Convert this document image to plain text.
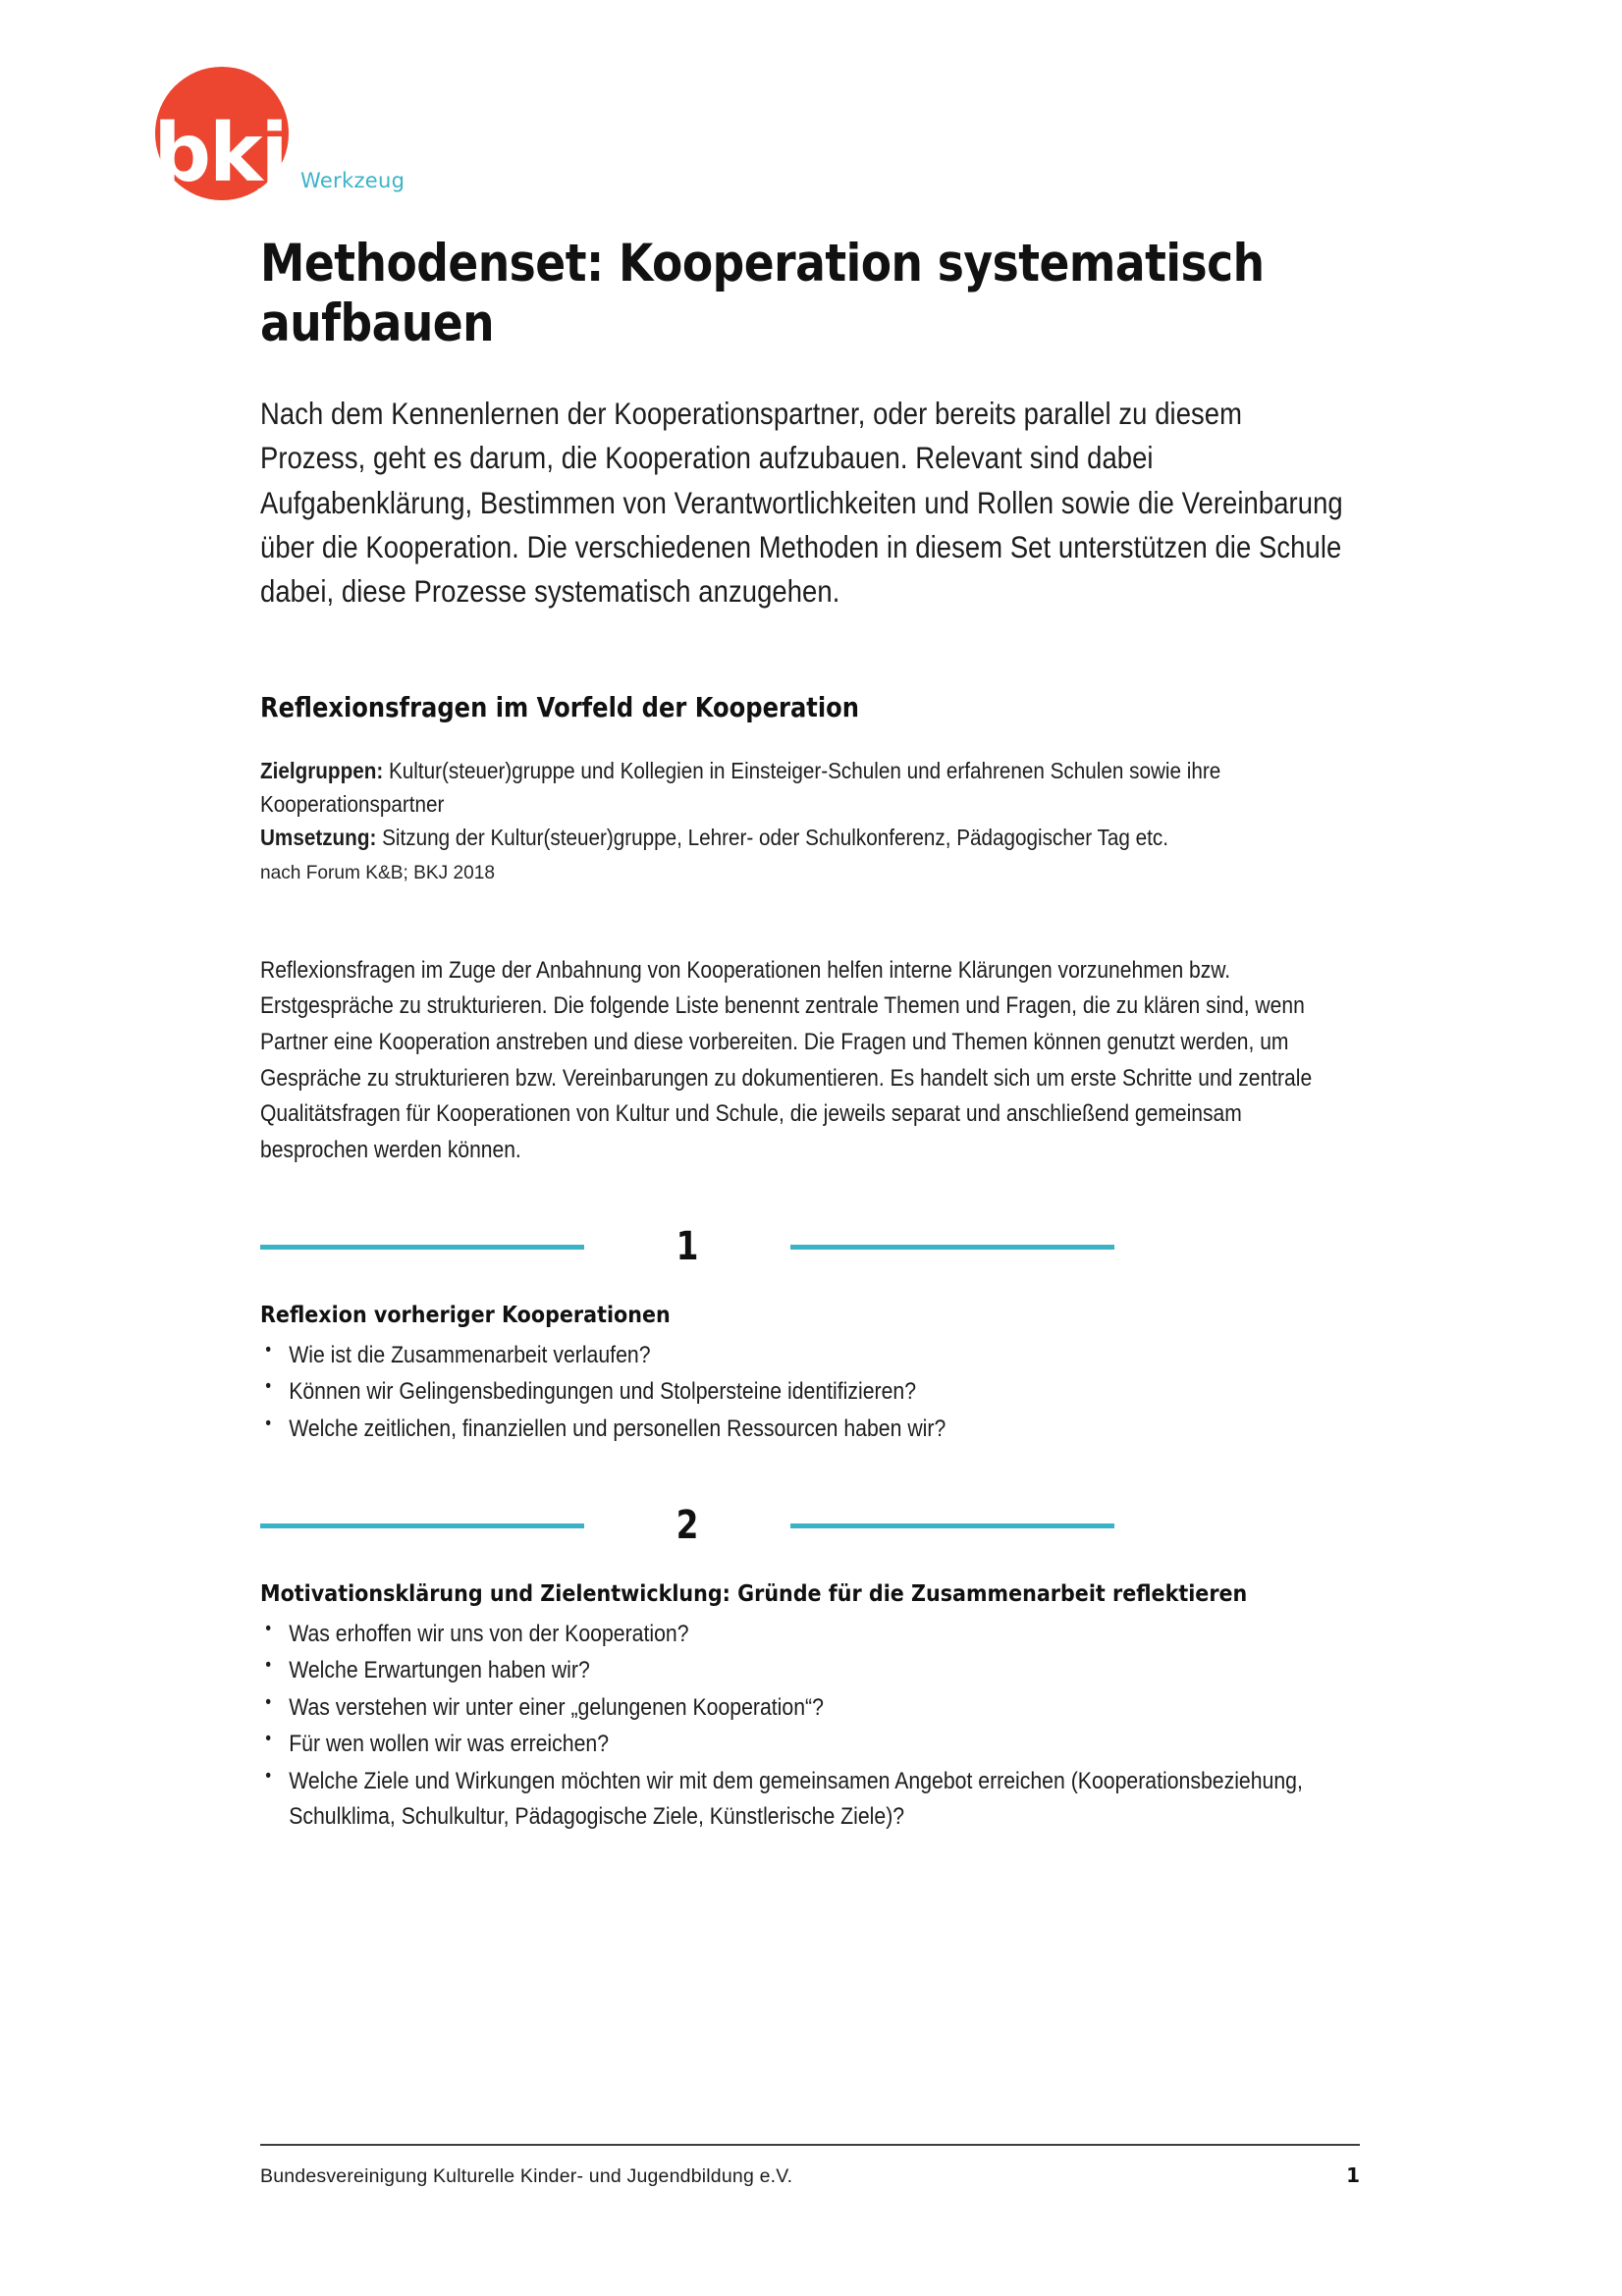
bkj Werkzeug
Methodenset: Kooperation systematisch aufbauen

Nach dem Kennenlernen der Kooperationspartner, oder bereits parallel zu diesem Prozess, geht es darum, die Kooperation aufzubauen. Relevant sind dabei Aufgabenklärung, Bestimmen von Verantwortlichkeiten und Rollen sowie die Vereinbarung über die Kooperation. Die verschiedenen Methoden in diesem Set unterstützen die Schule dabei, diese Prozesse systematisch anzugehen.

Reflexionsfragen im Vorfeld der Kooperation
Zielgruppen: Kultur(steuer)gruppe und Kollegien in Einsteiger-Schulen und erfahrenen Schulen sowie ihre Kooperationspartner
Umsetzung: Sitzung der Kultur(steuer)gruppe, Lehrer- oder Schulkonferenz, Pädagogischer Tag etc.
nach Forum K&B; BKJ 2018

Reflexionsfragen im Zuge der Anbahnung von Kooperationen helfen interne Klärungen vorzunehmen bzw. Erstgespräche zu strukturieren. Die folgende Liste benennt zentrale Themen und Fragen, die zu klären sind, wenn Partner eine Kooperation anstreben und diese vorbereiten. Die Fragen und Themen können genutzt werden, um Gespräche zu strukturieren bzw. Vereinbarungen zu dokumentieren. Es handelt sich um erste Schritte und zentrale Qualitätsfragen für Kooperationen von Kultur und Schule, die jeweils separat und anschließend gemeinsam besprochen werden können.

1
Reflexion vorheriger Kooperationen
• Wie ist die Zusammenarbeit verlaufen?
• Können wir Gelingensbedingungen und Stolpersteine identifizieren?
• Welche zeitlichen, finanziellen und personellen Ressourcen haben wir?
2
Motivationsklärung und Zielentwicklung: Gründe für die Zusammenarbeit reflektieren
• Was erhoffen wir uns von der Kooperation?
• Welche Erwartungen haben wir?
• Was verstehen wir unter einer „gelungenen Kooperation“?
• Für wen wollen wir was erreichen?
• Welche Ziele und Wirkungen möchten wir mit dem gemeinsamen Angebot erreichen (Kooperationsbeziehung, Schulklima, Schulkultur, Pädagogische Ziele, Künstlerische Ziele)?
Bundesvereinigung Kulturelle Kinder- und Jugendbildung e.V.	1
